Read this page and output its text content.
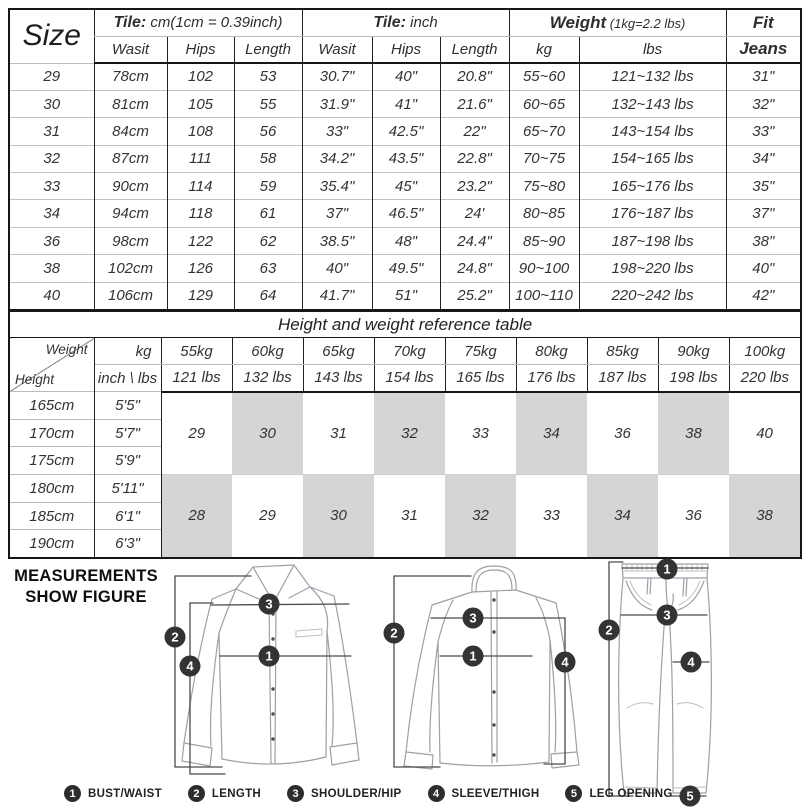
Size	Tile: cm(1cm = 0.39inch)			Tile: inch			Weight (1kg=2.2 lbs)		Fit
	Wasit	Hips	Length	Wasit	Hips	Length	kg	lbs	Jeans
29	78cm	102	53	30.7"	40"	20.8"	55~60	121~132 lbs	31"
30	81cm	105	55	31.9"	41"	21.6"	60~65	132~143 lbs	32"
31	84cm	108	56	33"	42.5"	22"	65~70	143~154 lbs	33"
32	87cm	111	58	34.2"	43.5"	22.8"	70~75	154~165 lbs	34"
33	90cm	114	59	35.4"	45"	23.2"	75~80	165~176 lbs	35"
34	94cm	118	61	37"	46.5"	24'	80~85	176~187 lbs	37"
36	98cm	122	62	38.5"	48"	24.4"	85~90	187~198 lbs	38"
38	102cm	126	63	40"	49.5"	24.8"	90~100	198~220 lbs	40"
40	106cm	129	64	41.7"	51"	25.2"	100~110	220~242 lbs	42"
Height and weight reference table										

Weight
Height	kg	55kg	60kg	65kg	70kg	75kg	80kg	85kg	90kg	100kg
	inch \ lbs	121 lbs	132 lbs	143 lbs	154 lbs	165 lbs	176 lbs	187 lbs	198 lbs	220 lbs
165cm	5'5"	29	30	31	32	33	34	36	38	40
170cm	5'7"									
175cm	5'9"									
180cm	5'11"	28	29	30	31	32	33	34	36	38
185cm	6'1"									
190cm	6'3"									
MEASUREMENTS
SHOW FIGURE
2
4
3
1
2
3
1	4
1
2
3
4
5
1	BUST/WAIST	2	LENGTH	3	SHOULDER/HIP	4	SLEEVE/THIGH	5	LEG OPENING
